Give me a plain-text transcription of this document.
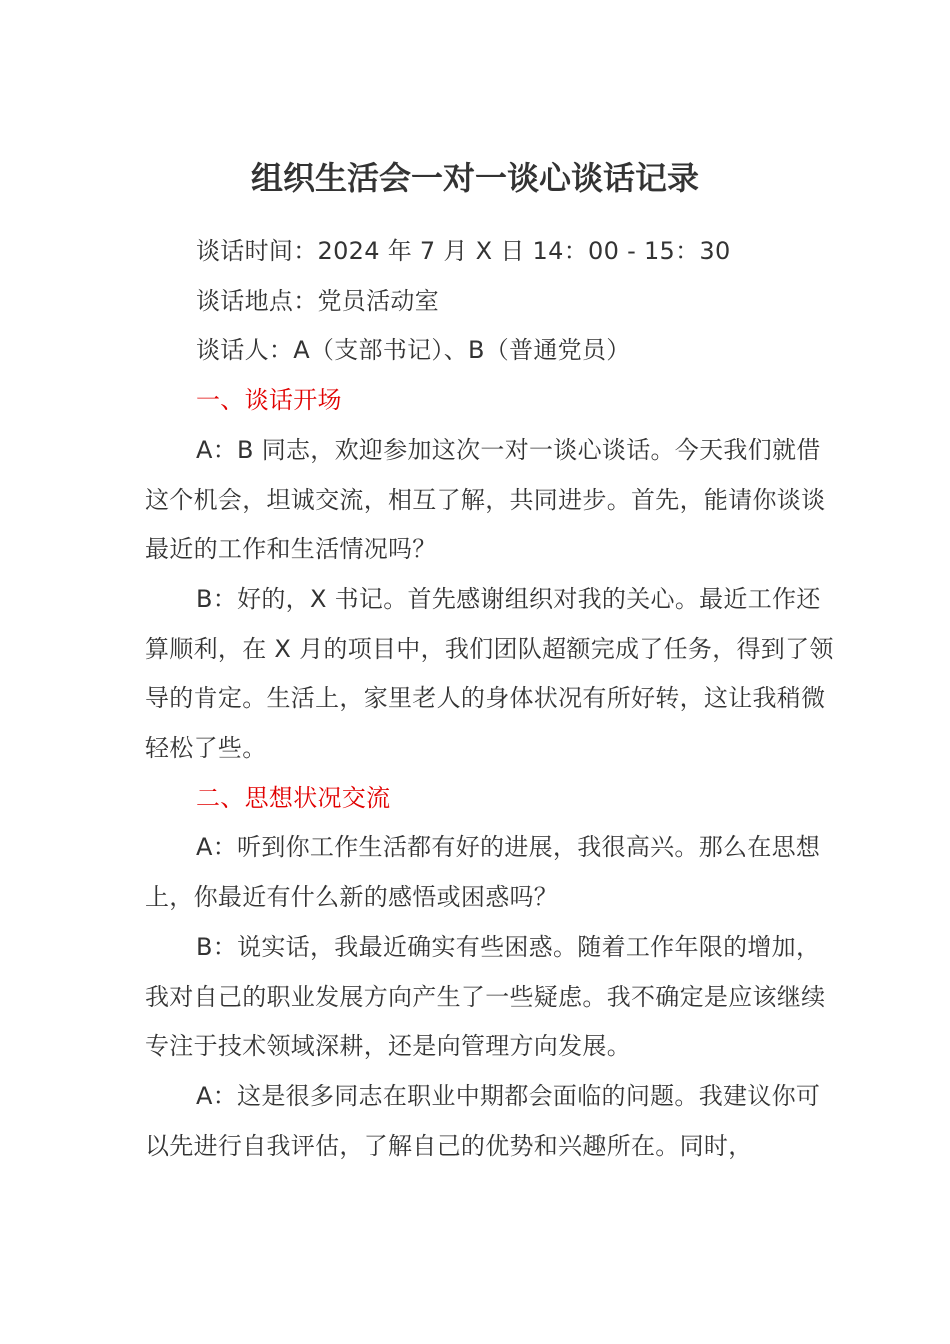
组织生活会一对一谈心谈话记录

谈话时间：2024 年 7 月 X 日 14：00 - 15：30

谈话地点：党员活动室

谈话人：A（支部书记）、B（普通党员）

一、谈话开场

A：B 同志，欢迎参加这次一对一谈心谈话。今天我们就借这个机会，坦诚交流，相互了解，共同进步。首先，能请你谈谈最近的工作和生活情况吗？

B：好的，X 书记。首先感谢组织对我的关心。最近工作还算顺利，在 X 月的项目中，我们团队超额完成了任务，得到了领导的肯定。生活上，家里老人的身体状况有所好转，这让我稍微轻松了些。

二、思想状况交流

A：听到你工作生活都有好的进展，我很高兴。那么在思想上，你最近有什么新的感悟或困惑吗？

B：说实话，我最近确实有些困惑。随着工作年限的增加，我对自己的职业发展方向产生了一些疑虑。我不确定是应该继续专注于技术领域深耕，还是向管理方向发展。

A：这是很多同志在职业中期都会面临的问题。我建议你可以先进行自我评估，了解自己的优势和兴趣所在。同时，
